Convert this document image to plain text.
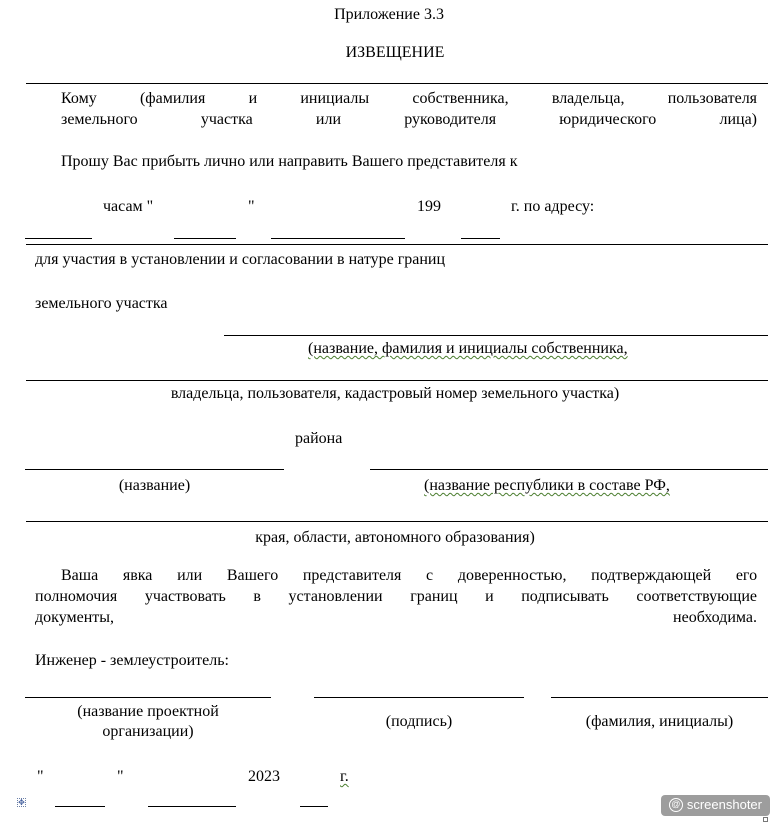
Приложение 3.3
ИЗВЕЩЕНИЕ
Кому	(фамилия	и	инициалы	собственника,	владельца,	пользователя
земельного	участка	или	руководителя	юридического	лица)
Прошу Вас прибыть лично или направить Вашего представителя к
часам "	"	199	г. по адресу:
для участия в установлении и согласовании в натуре границ
земельного участка
(название, фамилия и инициалы собственника,
владельца, пользователя, кадастровый номер земельного участка)
района
(название)	(название республики в составе РФ,
края, области, автономного образования)
Ваша явка или Вашего представителя с доверенностью, подтверждающей его
полномочия участвовать в установлении границ и подписывать соответствующие
документы,	необходима.
Инженер - землеустроитель:
(название проектной
организации)
(подпись)	(фамилия, инициалы)
"	"	2023	г.
✥	@ screenshoter
